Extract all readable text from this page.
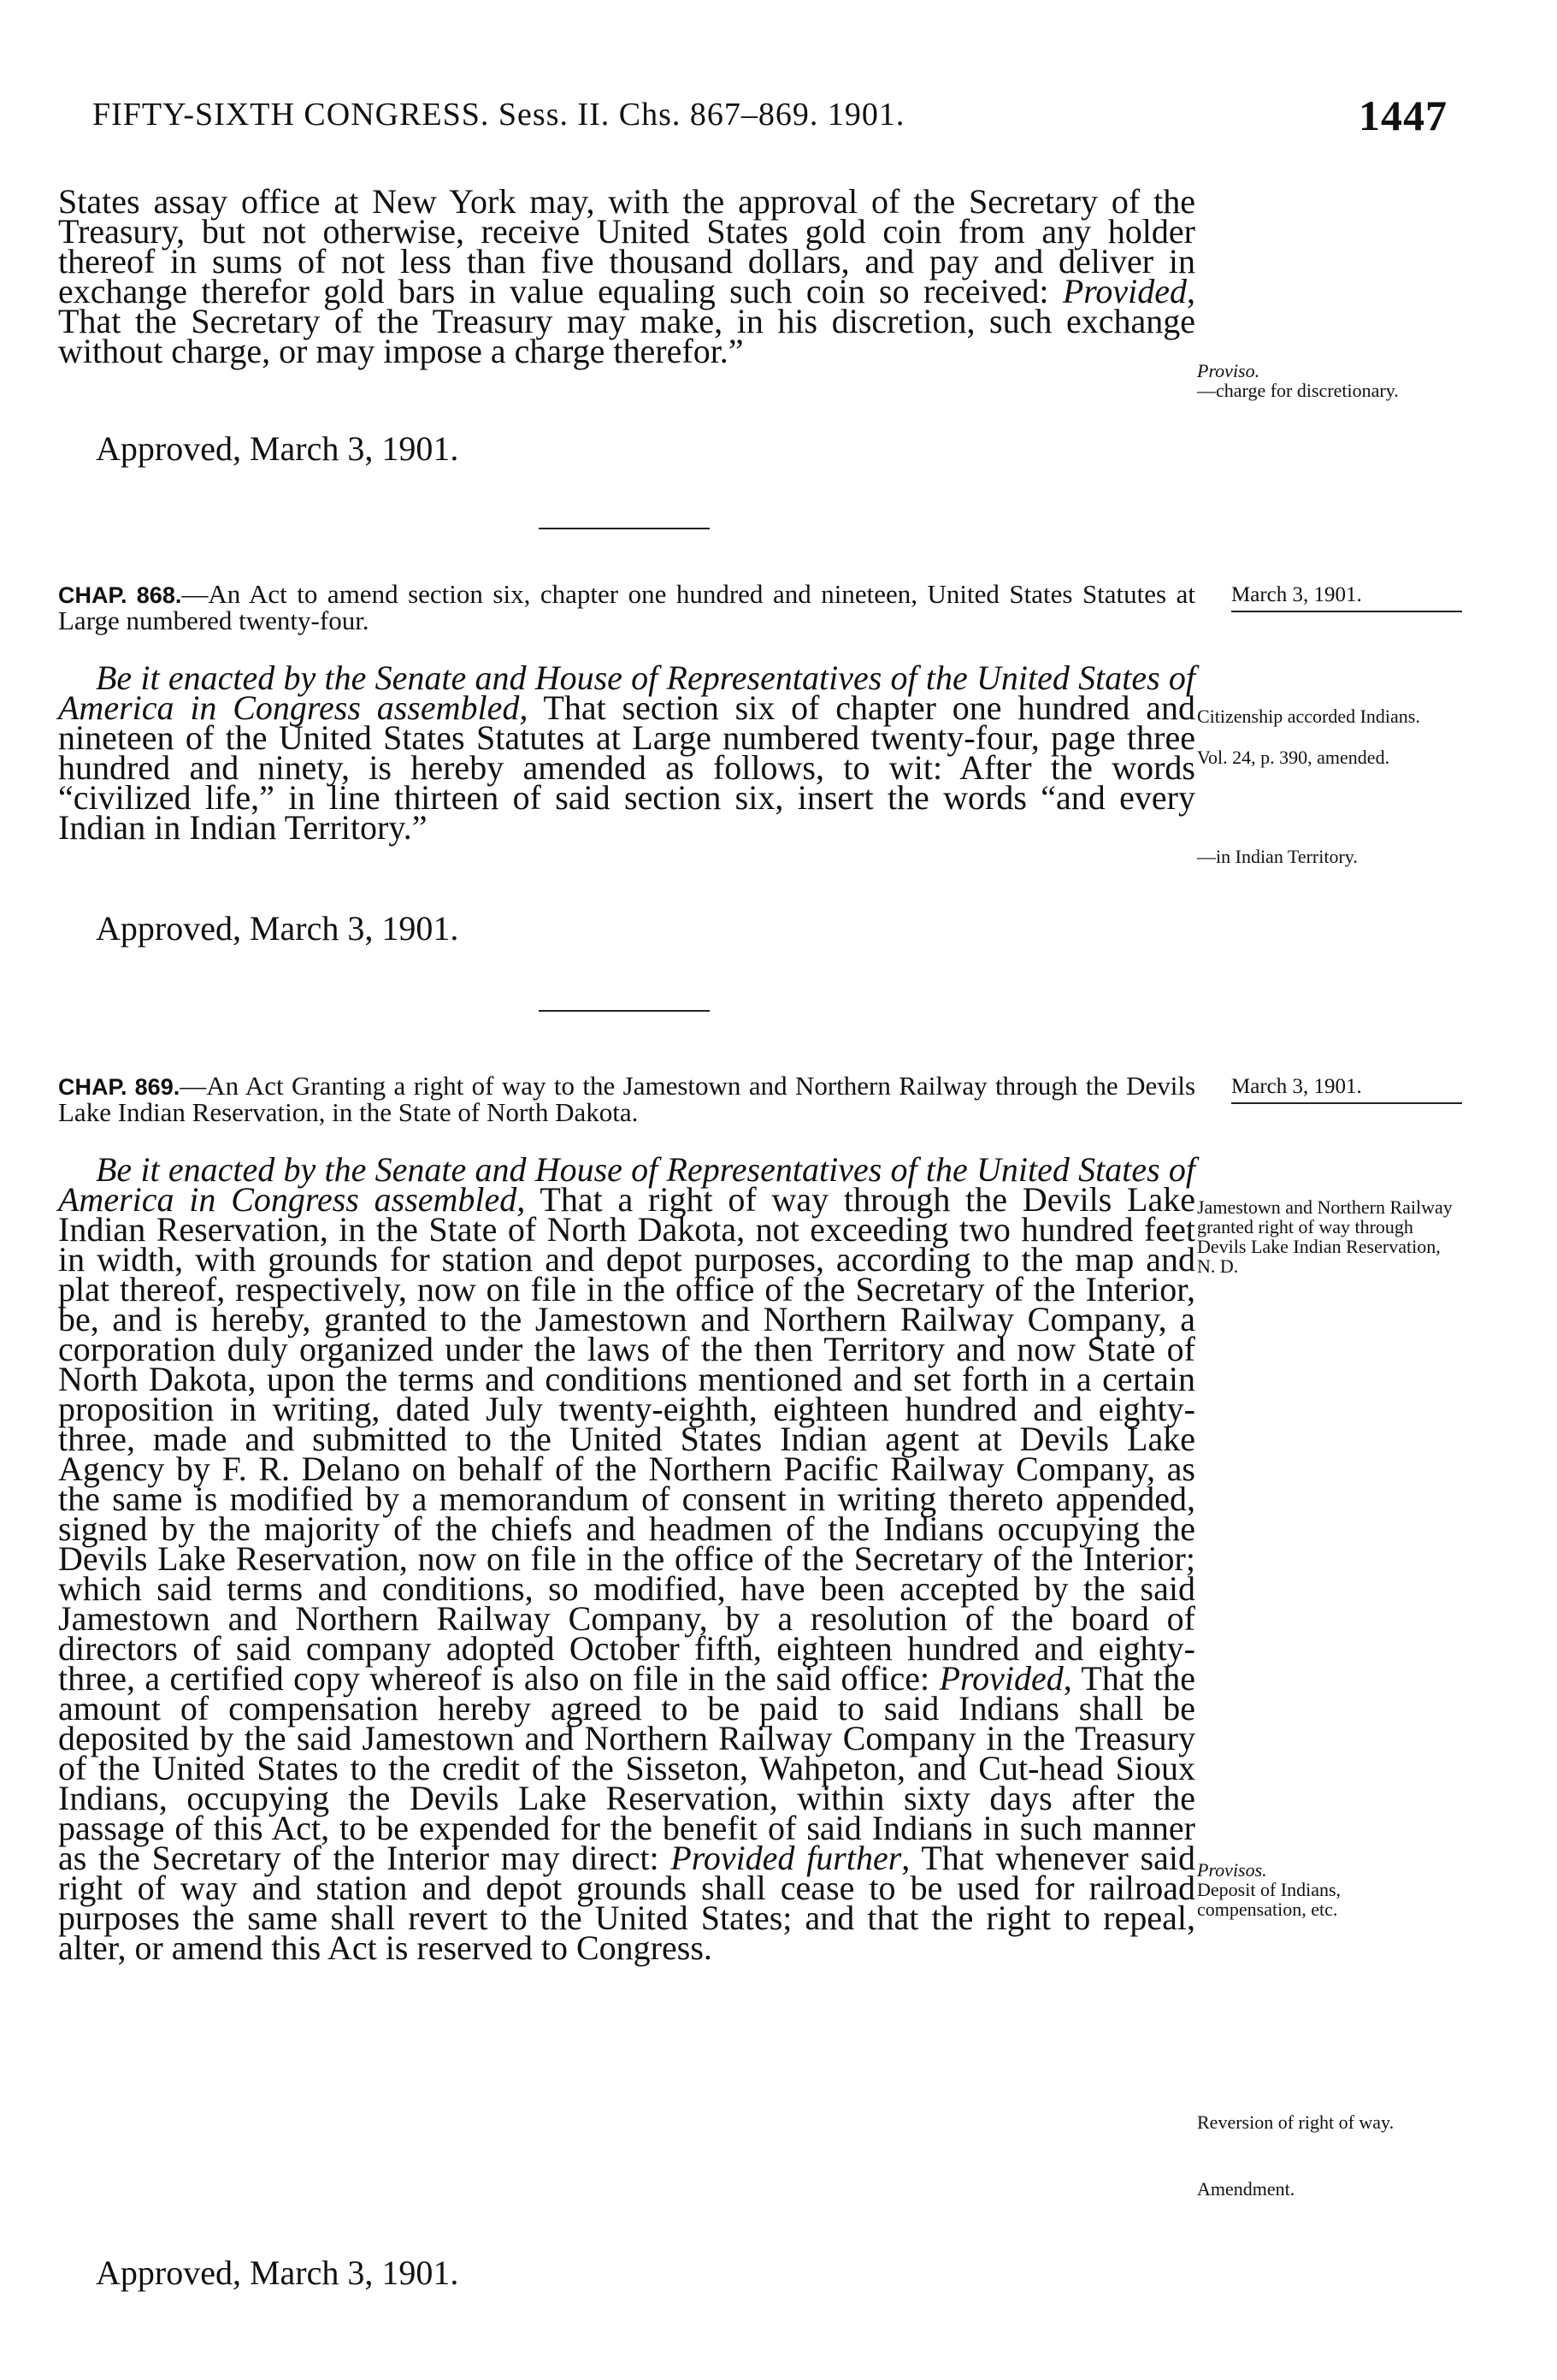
FIFTY-SIXTH CONGRESS. Sess. II. Chs. 867–869. 1901.	1447

States assay office at New York may, with the approval of the Secretary of the Treasury, but not otherwise, receive United States gold coin from any holder thereof in sums of not less than five thousand dollars, and pay and deliver in exchange therefor gold bars in value equaling such coin so received: Provided, That the Secretary of the Treasury may make, in his discretion, such exchange without charge, or may impose a charge therefor.”

Approved, March 3, 1901.

Proviso.
—charge for discretionary.
CHAP. 868.—An Act to amend section six, chapter one hundred and nineteen, United States Statutes at Large numbered twenty-four.
March 3, 1901.

Be it enacted by the Senate and House of Representatives of the United States of America in Congress assembled, That section six of chapter one hundred and nineteen of the United States Statutes at Large numbered twenty-four, page three hundred and ninety, is hereby amended as follows, to wit: After the words “civilized life,” in line thirteen of said section six, insert the words “and every Indian in Indian Territory.”

Approved, March 3, 1901.

Citizenship accorded Indians.
Vol. 24, p. 390, amended.
—in Indian Territory.
CHAP. 869.—An Act Granting a right of way to the Jamestown and Northern Railway through the Devils Lake Indian Reservation, in the State of North Dakota.
March 3, 1901.

Be it enacted by the Senate and House of Representatives of the United States of America in Congress assembled, That a right of way through the Devils Lake Indian Reservation, in the State of North Dakota, not exceeding two hundred feet in width, with grounds for station and depot purposes, according to the map and plat thereof, respectively, now on file in the office of the Secretary of the Interior, be, and is hereby, granted to the Jamestown and Northern Railway Company, a corporation duly organized under the laws of the then Territory and now State of North Dakota, upon the terms and conditions mentioned and set forth in a certain proposition in writing, dated July twenty-eighth, eighteen hundred and eighty-three, made and submitted to the United States Indian agent at Devils Lake Agency by F. R. Delano on behalf of the Northern Pacific Railway Company, as the same is modified by a memorandum of consent in writing thereto appended, signed by the majority of the chiefs and headmen of the Indians occupying the Devils Lake Reservation, now on file in the office of the Secretary of the Interior; which said terms and conditions, so modified, have been accepted by the said Jamestown and Northern Railway Company, by a resolution of the board of directors of said company adopted October fifth, eighteen hundred and eighty-three, a certified copy whereof is also on file in the said office: Provided, That the amount of compensation hereby agreed to be paid to said Indians shall be deposited by the said Jamestown and Northern Railway Company in the Treasury of the United States to the credit of the Sisseton, Wahpeton, and Cut-head Sioux Indians, occupying the Devils Lake Reservation, within sixty days after the passage of this Act, to be expended for the benefit of said Indians in such manner as the Secretary of the Interior may direct: Provided further, That whenever said right of way and station and depot grounds shall cease to be used for railroad purposes the same shall revert to the United States; and that the right to repeal, alter, or amend this Act is reserved to Congress.

Approved, March 3, 1901.

Jamestown and Northern Railway granted right of way through Devils Lake Indian Reservation, N. D.
Provisos.
Deposit of Indians, compensation, etc.
Reversion of right of way.
Amendment.
